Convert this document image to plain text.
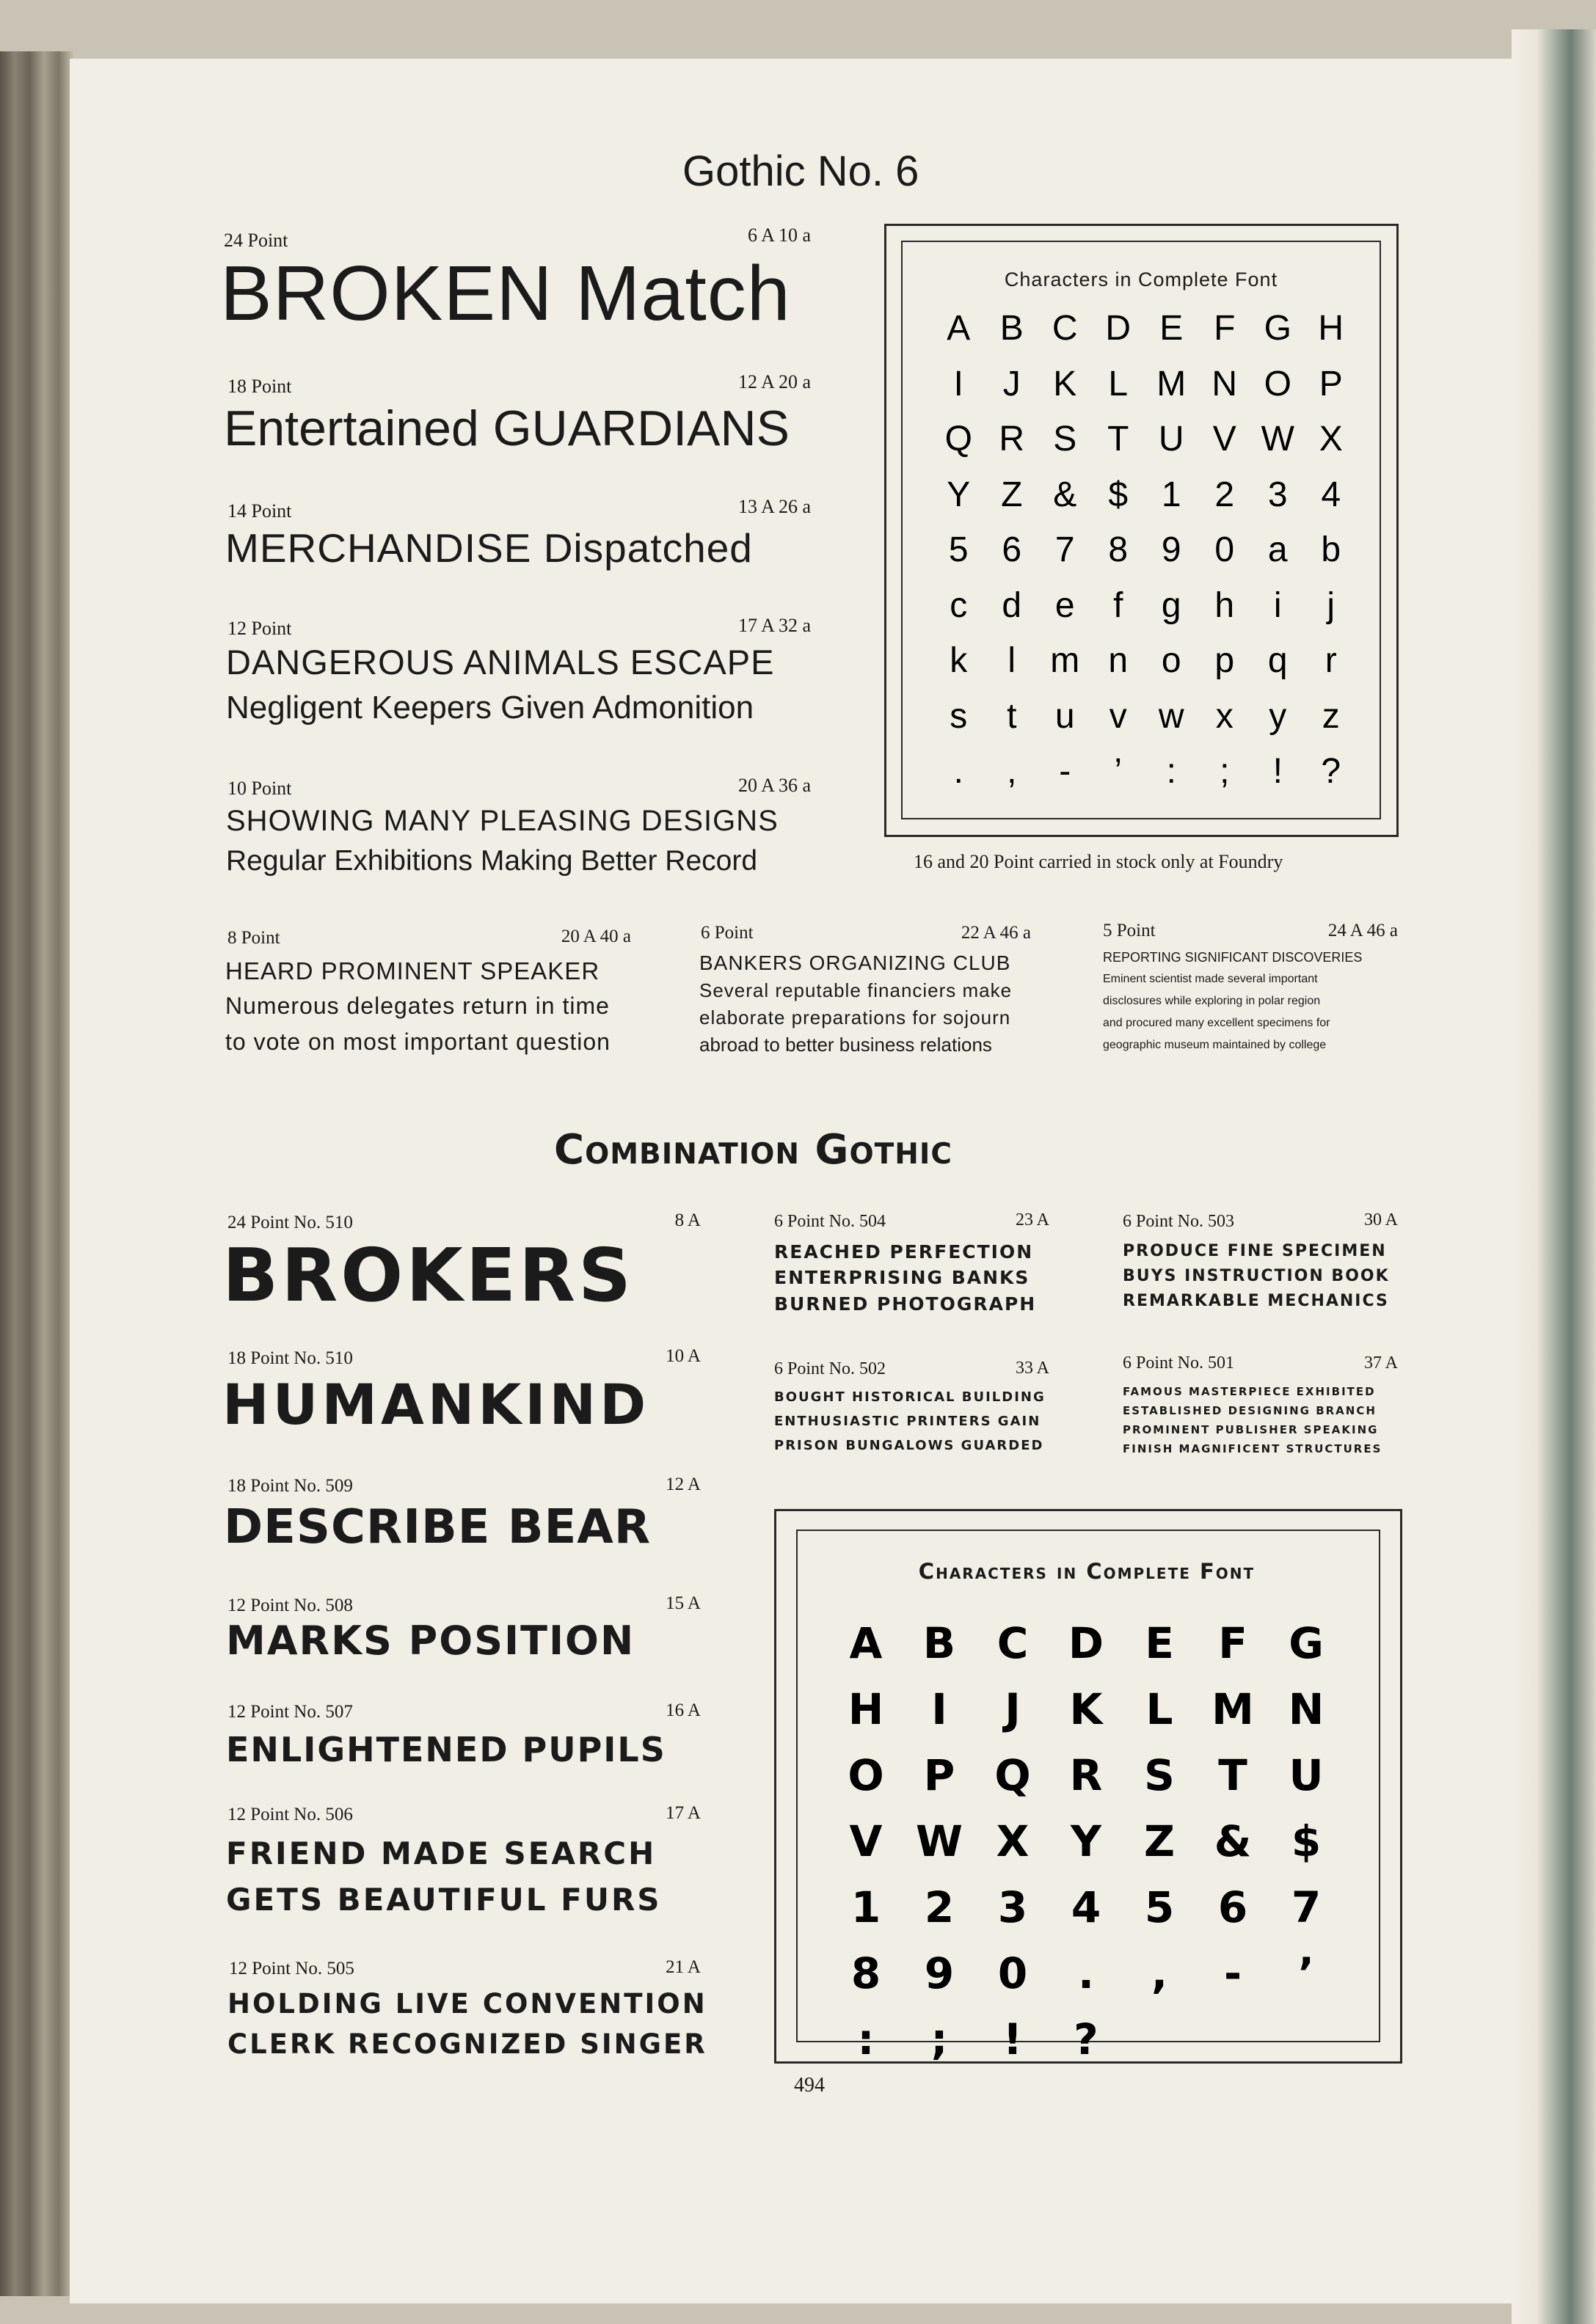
Gothic No. 6
24 Point	6 A 10 a
BROKEN Match
18 Point	12 A 20 a
Entertained GUARDIANS
14 Point	13 A 26 a
MERCHANDISE Dispatched
12 Point	17 A 32 a
DANGEROUS ANIMALS ESCAPE
Negligent Keepers Given Admonition
10 Point	20 A 36 a
SHOWING MANY PLEASING DESIGNS
Regular Exhibitions Making Better Record
Characters in Complete Font
A B C D E F G H
I	J K L M N O P
Q R S T U V W X
Y Z & $ 1 2 3 4
5 6 7 8 9 0 a b
c d e	f	g h	i	j
k	l m n o p q	r
s	t	u v w x	y	z
.	,	-	’	:	;	!	?
16 and 20 Point carried in stock only at Foundry
8 Point	20 A 40 a
HEARD PROMINENT SPEAKER
Numerous delegates return in time
to vote on most important question
6 Point	22 A 46 a
BANKERS ORGANIZING CLUB
Several reputable financiers make
elaborate preparations for sojourn
abroad to better business relations
5 Point	24 A 46 a
REPORTING SIGNIFICANT DISCOVERIES
Eminent scientist made several important
disclosures while exploring in polar region
and procured many excellent specimens for
geographic museum maintained by college
Combination Gothic
24 Point No. 510	8 A
BROKERS
18 Point No. 510	10 A
HUMANKIND
18 Point No. 509	12 A
DESCRIBE BEAR
12 Point No. 508	15 A
MARKS POSITION
12 Point No. 507	16 A
ENLIGHTENED PUPILS
12 Point No. 506	17 A
FRIEND MADE SEARCH
GETS BEAUTIFUL FURS
12 Point No. 505	21 A
HOLDING LIVE CONVENTION
CLERK RECOGNIZED SINGER
6 Point No. 504	23 A
REACHED PERFECTION
ENTERPRISING BANKS
BURNED PHOTOGRAPH
6 Point No. 503	30 A
PRODUCE FINE SPECIMEN
BUYS INSTRUCTION BOOK
REMARKABLE MECHANICS
6 Point No. 502	33 A
BOUGHT HISTORICAL BUILDING
ENTHUSIASTIC PRINTERS GAIN
PRISON BUNGALOWS GUARDED
6 Point No. 501	37 A
FAMOUS MASTERPIECE EXHIBITED
ESTABLISHED DESIGNING BRANCH
PROMINENT PUBLISHER SPEAKING
FINISH MAGNIFICENT STRUCTURES
Characters in Complete Font
A B C D E	F G
H	I	J	K	L M N
O P Q R S	T U
V W X Y Z & $
1	2	3	4	5	6	7
8	9	0	.	,	-	’
:	;	!	?
494
